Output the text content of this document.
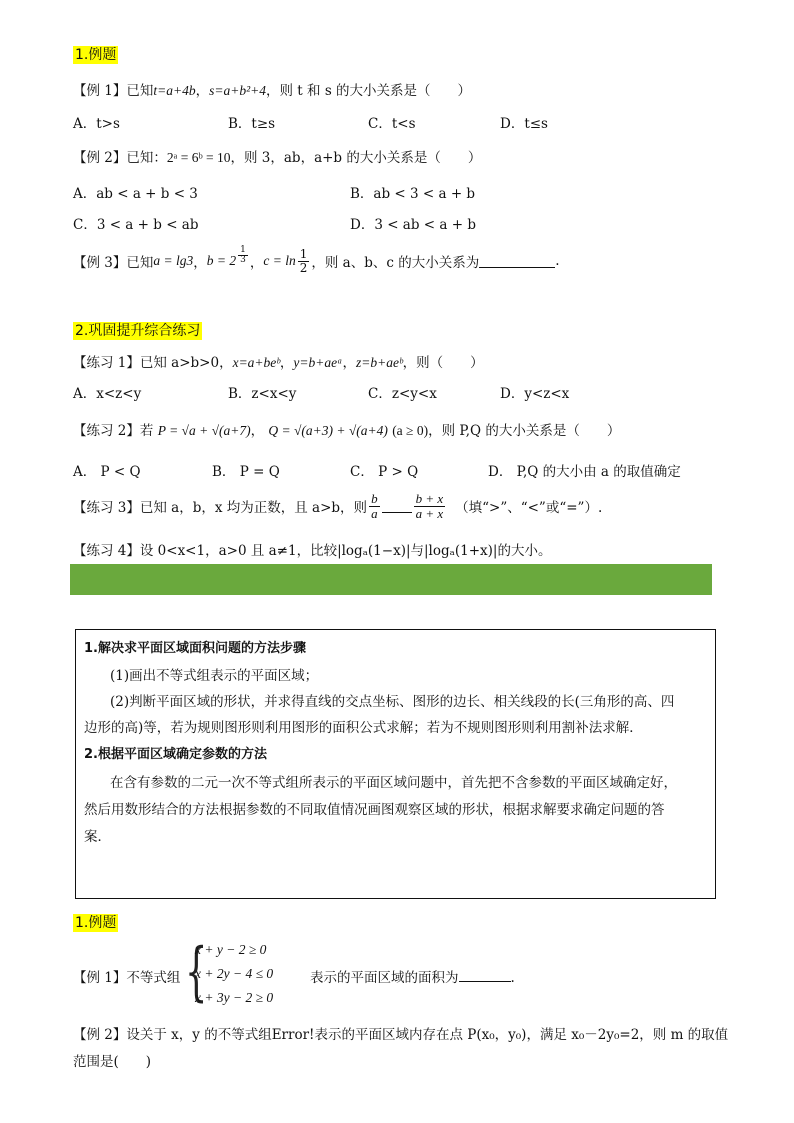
1.例题
【例 1】已知t=a+4b，s=a+b²+4，则 t 和 s 的大小关系是（　　）
A．t>s	B．t≥s	C．t<s	D．t≤s
【例 2】已知：2ᵃ = 6ᵇ = 10，则 3，ab，a+b 的大小关系是（　　）
A．ab < a + b < 3	B．ab < 3 < a + b
C．3 < a + b < ab	D．3 < ab < a + b
【例 3】已知a = lg3，$b = 2 \frac{1}{3}$ ，$c = \ln \frac{1}{2}$ ，则 a、b、c 的大小关系为	.
2.巩固提升综合练习
【练习 1】已知 a>b>0，x=a+beᵇ，y=b+aeᵃ，z=b+aeᵇ，则（　　）
A．x<z<y	B．z<x<y	C．z<y<x	D．y<z<x
【练习 2】若 P = √a + √(a+7)， Q = √(a+3) + √(a+4) (a ≥ 0)，则 P,Q 的大小关系是（　　）
A． P < Q	B． P = Q	C． P > Q	D． P,Q 的大小由 a 的取值确定
【练习 3】已知 a，b，x 均为正数，且 a>b，则 $\frac{b}{a}$	$\frac{b + x}{a + x}$ （填“>”、“<”或“=”）.
【练习 4】设 0<x<1，a>0 且 a≠1，比较|logₐ(1−x)|与|logₐ(1+x)|的大小。
1.解决求平面区域面积问题的方法步骤
(1)画出不等式组表示的平面区域；
(2)判断平面区域的形状，并求得直线的交点坐标、图形的边长、相关线段的长(三角形的高、四
边形的高)等，若为规则图形则利用图形的面积公式求解；若为不规则图形则利用割补法求解．
2.根据平面区域确定参数的方法
在含有参数的二元一次不等式组所表示的平面区域问题中，首先把不含参数的平面区域确定好，
然后用数形结合的方法根据参数的不同取值情况画图观察区域的形状，根据求解要求确定问题的答
案．
1.例题
【例 1】不等式组 {
x + y − 2 ≥ 0
x + 2y − 4 ≤ 0
x + 3y − 2 ≥ 0
表示的平面区域的面积为	.
【例 2】设关于 x，y 的不等式组Error!表示的平面区域内存在点 P(x₀，y₀)，满足 x₀－2y₀=2，则 m 的取值
范围是(　　)
